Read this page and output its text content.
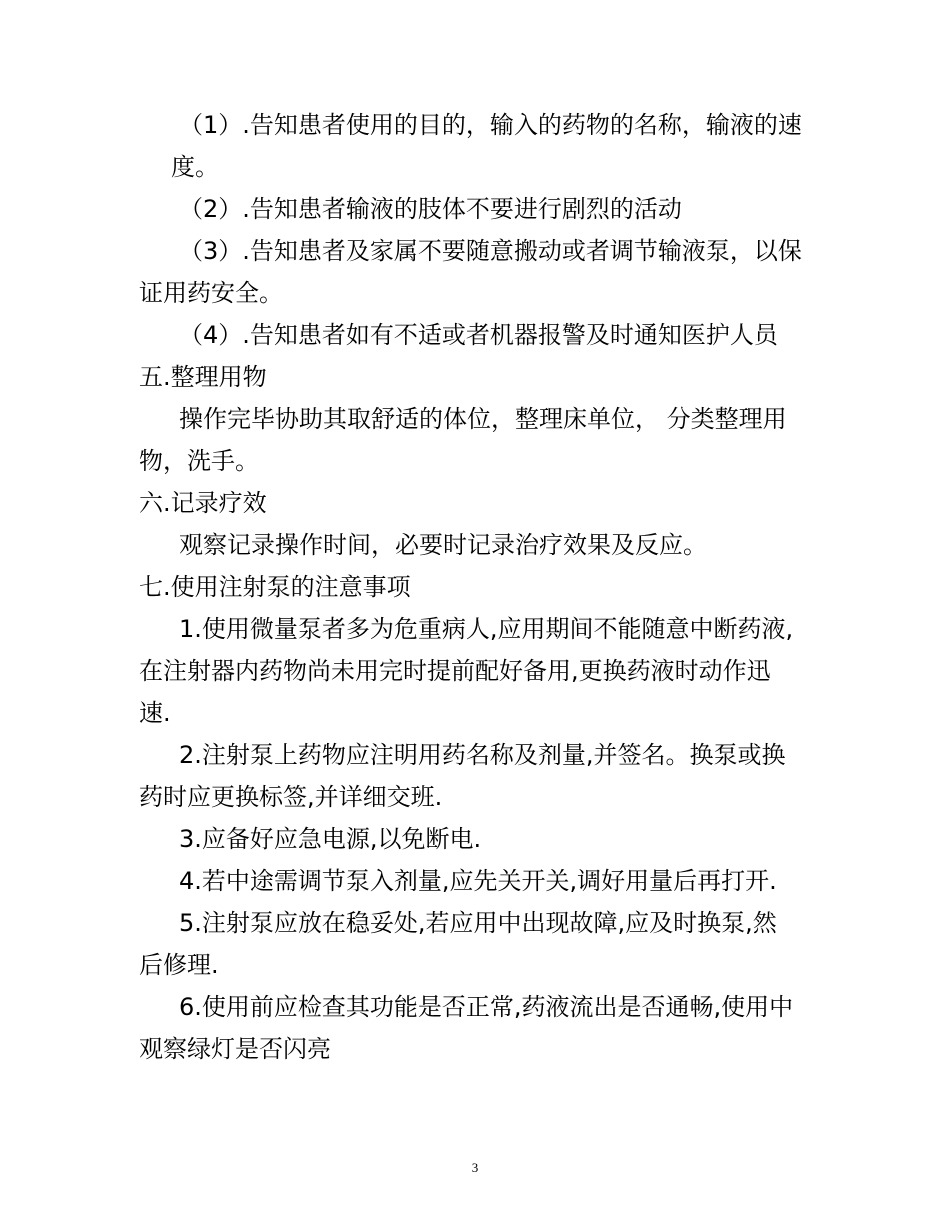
（1）.告知患者使用的目的，输入的药物的名称，输液的速
度。
（2）.告知患者输液的肢体不要进行剧烈的活动
（3）.告知患者及家属不要随意搬动或者调节输液泵，以保
证用药安全。
（4）.告知患者如有不适或者机器报警及时通知医护人员
五.整理用物
操作完毕协助其取舒适的体位，整理床单位， 分类整理用
物，洗手。
六.记录疗效
观察记录操作时间，必要时记录治疗效果及反应。
七.使用注射泵的注意事项
1.使用微量泵者多为危重病人,应用期间不能随意中断药液,
在注射器内药物尚未用完时提前配好备用,更换药液时动作迅
速.
2.注射泵上药物应注明用药名称及剂量,并签名。换泵或换
药时应更换标签,并详细交班.
3.应备好应急电源,以免断电.
4.若中途需调节泵入剂量,应先关开关,调好用量后再打开.
5.注射泵应放在稳妥处,若应用中出现故障,应及时换泵,然
后修理.
6.使用前应检查其功能是否正常,药液流出是否通畅,使用中
观察绿灯是否闪亮
3
